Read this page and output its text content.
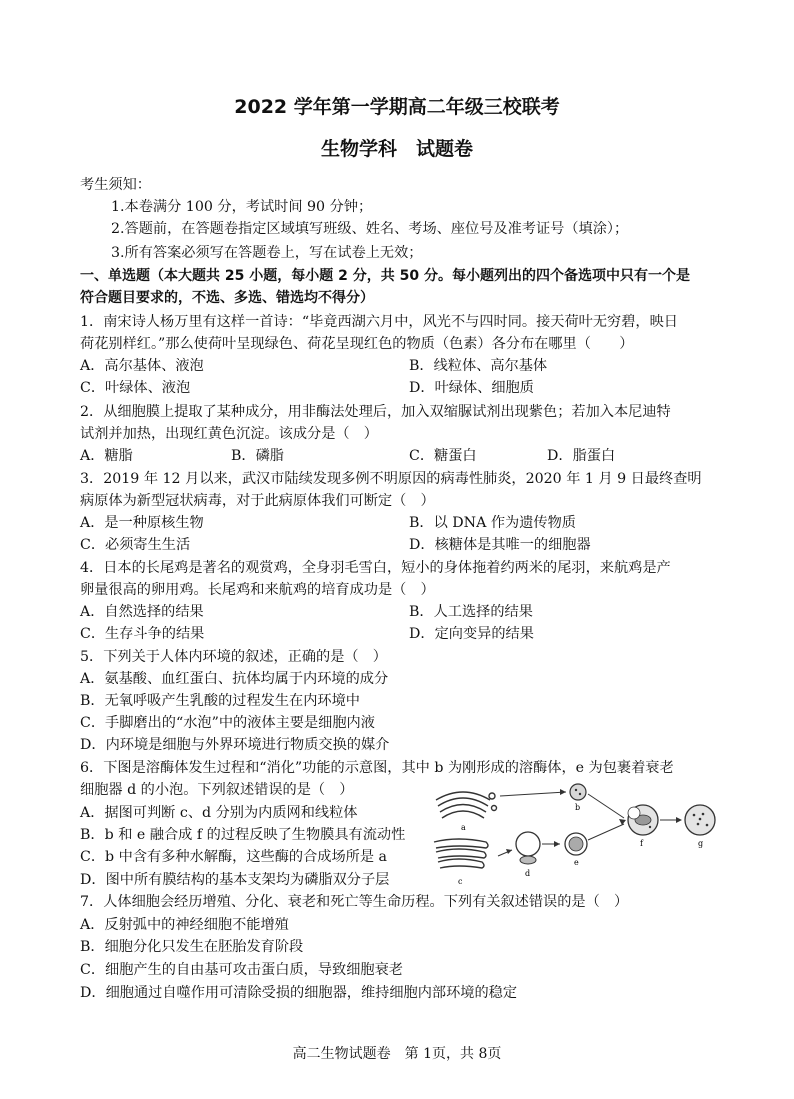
2022 学年第一学期高二年级三校联考
生物学科　试题卷
考生须知：
1.本卷满分 100 分，考试时间 90 分钟；
2.答题前，在答题卷指定区域填写班级、姓名、考场、座位号及准考证号（填涂）；
3.所有答案必须写在答题卷上，写在试卷上无效；
一、单选题（本大题共 25 小题，每小题 2 分，共 50 分。每小题列出的四个备选项中只有一个是
符合题目要求的，不选、多选、错选均不得分）
1．南宋诗人杨万里有这样一首诗：“毕竟西湖六月中，风光不与四时同。接天荷叶无穷碧，映日
荷花别样红。”那么使荷叶呈现绿色、荷花呈现红色的物质（色素）各分布在哪里（　　）
A．高尔基体、液泡	B．线粒体、高尔基体
C．叶绿体、液泡	D．叶绿体、细胞质
2．从细胞膜上提取了某种成分，用非酶法处理后，加入双缩脲试剂出现紫色；若加入本尼迪特
试剂并加热，出现红黄色沉淀。该成分是（　）
A．糖脂	B．磷脂	C．糖蛋白	D．脂蛋白
3．2019 年 12 月以来，武汉市陆续发现多例不明原因的病毒性肺炎，2020 年 1 月 9 日最终查明
病原体为新型冠状病毒，对于此病原体我们可断定（　）
A．是一种原核生物	B．以 DNA 作为遗传物质
C．必须寄生生活	D．核糖体是其唯一的细胞器
4．日本的长尾鸡是著名的观赏鸡，全身羽毛雪白，短小的身体拖着约两米的尾羽，来航鸡是产
卵量很高的卵用鸡。长尾鸡和来航鸡的培育成功是（　）
A．自然选择的结果	B．人工选择的结果
C．生存斗争的结果	D．定向变异的结果
5．下列关于人体内环境的叙述，正确的是（　）
A．氨基酸、血红蛋白、抗体均属于内环境的成分
B．无氧呼吸产生乳酸的过程发生在内环境中
C．手脚磨出的“水泡”中的液体主要是细胞内液
D．内环境是细胞与外界环境进行物质交换的媒介
6．下图是溶酶体发生过程和“消化”功能的示意图，其中 b 为刚形成的溶酶体，e 为包裹着衰老
细胞器 d 的小泡。下列叙述错误的是（　）
A．据图可判断 c、d 分别为内质网和线粒体
B．b 和 e 融合成 f 的过程反映了生物膜具有流动性
C．b 中含有多种水解酶，这些酶的合成场所是 a
D．图中所有膜结构的基本支架均为磷脂双分子层
a
b
c
d
e
f	g
7．人体细胞会经历增殖、分化、衰老和死亡等生命历程。下列有关叙述错误的是（　）
A．反射弧中的神经细胞不能增殖
B．细胞分化只发生在胚胎发育阶段
C．细胞产生的自由基可攻击蛋白质，导致细胞衰老
D．细胞通过自噬作用可清除受损的细胞器，维持细胞内部环境的稳定
高二生物试题卷　第 1页，共 8页
